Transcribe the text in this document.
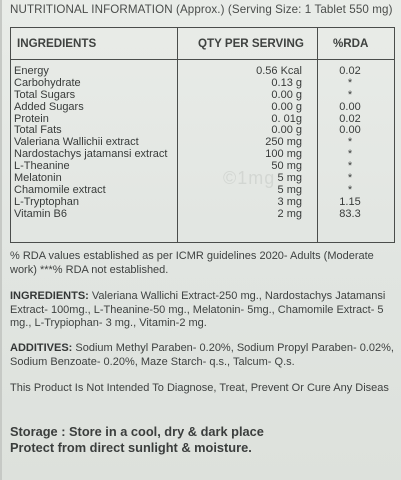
NUTRITIONAL INFORMATION (Approx.) (Serving Size: 1 Tablet 550 mg)
INGREDIENTS	QTY PER SERVING	%RDA
©1mg
Energy	0.56 Kcal	0.02
Carbohydrate	0.13 g	*
Total Sugars	0.00 g	*
Added Sugars	0.00 g	0.00
Protein	0. 01g	0.02
Total Fats	0.00 g	0.00
Valeriana Wallichii extract	250 mg	*
Nardostachys jatamansi extract	100 mg	*
L-Theanine	50 mg	*
Melatonin	5 mg	*
Chamomile extract	5 mg	*
L-Tryptophan	3 mg	1.15
Vitamin B6	2 mg	83.3
% RDA values established as per ICMR guidelines 2020- Adults (Moderate work) ***% RDA not established.
INGREDIENTS: Valeriana Wallichi Extract-250 mg., Nardostachys Jatamansi Extract- 100mg., L-Theanine-50 mg., Melatonin- 5mg., Chamomile Extract- 5 mg., L-Trypiophan- 3 mg., Vitamin-2 mg.
ADDITIVES: Sodium Methyl Paraben- 0.20%, Sodium Propyl Paraben- 0.02%, Sodium Benzoate- 0.20%, Maze Starch- q.s., Talcum- Q.s.
This Product Is Not Intended To Diagnose, Treat, Prevent Or Cure Any Diseas
Storage : Store in a cool, dry & dark place
Protect from direct sunlight & moisture.
